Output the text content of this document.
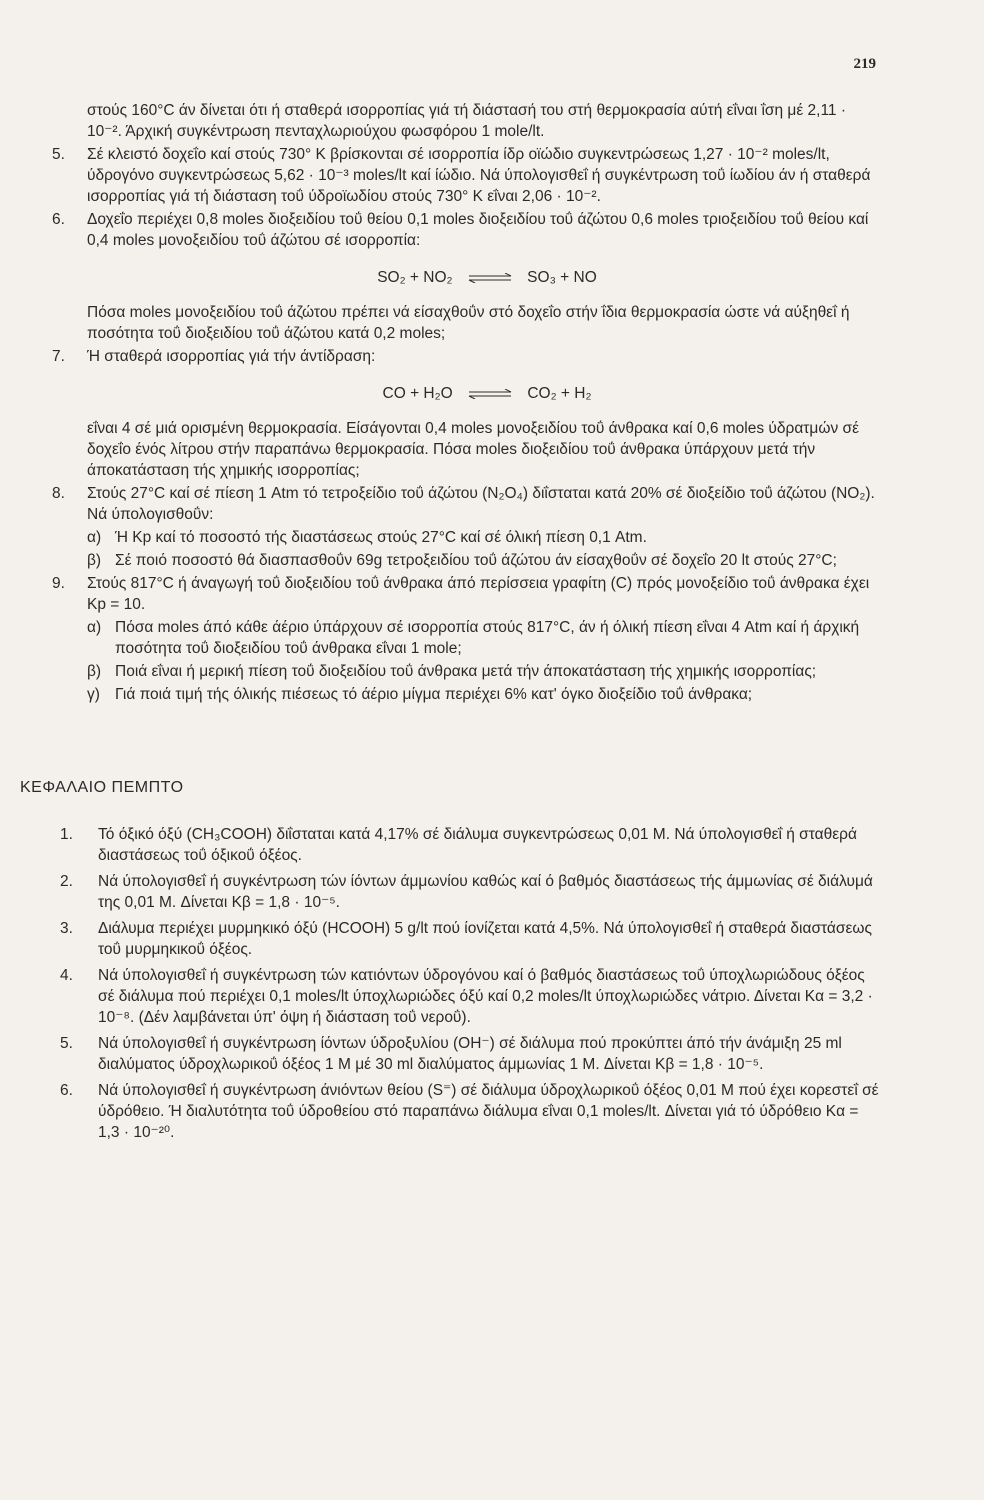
219

στούς 160°C άν δίνεται ότι ή σταθερά ισορροπίας γιά τή διάστασή του στή θερμοκρασία αύτή εΐναι ΐση μέ 2,11 · 10⁻². Άρχική συγκέντρωση πενταχλωριούχου φωσφόρου 1 mole/lt.

5.	Σέ κλειστό δοχεΐο καί στούς 730° K βρίσκονται σέ ισορροπία ίδρ οϊώδιο συγκεντρώσεως 1,27 · 10⁻² moles/lt, ύδρογόνο συγκεντρώσεως 5,62 · 10⁻³ moles/lt καί ίώδιο. Νά ύπολογισθεΐ ή συγκέντρωση τοΰ ίωδίου άν ή σταθερά ισορροπίας γιά τή διάσταση τοΰ ύδροϊωδίου στούς 730° K εΐναι 2,06 · 10⁻².
6.	Δοχεΐο περιέχει 0,8 moles διοξειδίου τοΰ θείου 0,1 moles διοξειδίου τοΰ άζώτου 0,6 moles τριοξειδίου τοΰ θείου καί 0,4 moles μονοξειδίου τοΰ άζώτου σέ ισορροπία:
SO₂ + NO₂ ⇌ SO₃ + NO

Πόσα moles μονοξειδίου τοΰ άζώτου πρέπει νά είσαχθοΰν στό δοχεΐο στήν ΐδια θερμοκρασία ώστε νά αύξηθεΐ ή ποσότητα τοΰ διοξειδίου τοΰ άζώτου κατά 0,2 moles;

7.	Ή σταθερά ισορροπίας γιά τήν άντίδραση:
CO + H₂O ⇌ CO₂ + H₂

εΐναι 4 σέ μιά ορισμένη θερμοκρασία. Είσάγονται 0,4 moles μονοξειδίου τοΰ άνθρακα καί 0,6 moles ύδρατμών σέ δοχεΐο ένός λίτρου στήν παραπάνω θερμοκρασία. Πόσα moles διοξειδίου τοΰ άνθρακα ύπάρχουν μετά τήν άποκατάσταση τής χημικής ισορροπίας;

8.	Στούς 27°C καί σέ πίεση 1 Atm τό τετροξείδιο τοΰ άζώτου (N₂O₄) διΐσταται κατά 20% σέ διοξείδιο τοΰ άζώτου (NO₂). Νά ύπολογισθοΰν:
α) Ή Kp καί τό ποσοστό τής διαστάσεως στούς 27°C καί σέ όλική πίεση 0,1 Atm.
β) Σέ ποιό ποσοστό θά διασπασθοΰν 69g τετροξειδίου τοΰ άζώτου άν είσαχθοΰν σέ δοχεΐο 20 lt στούς 27°C;
9.	Στούς 817°C ή άναγωγή τοΰ διοξειδίου τοΰ άνθρακα άπό περίσσεια γραφίτη (C) πρός μονοξείδιο τοΰ άνθρακα έχει Kp = 10.
α) Πόσα moles άπό κάθε άέριο ύπάρχουν σέ ισορροπία στούς 817°C, άν ή όλική πίεση εΐναι 4 Atm καί ή άρχική ποσότητα τοΰ διοξειδίου τοΰ άνθρακα εΐναι 1 mole;
β) Ποιά εΐναι ή μερική πίεση τοΰ διοξειδίου τοΰ άνθρακα μετά τήν άποκατάσταση τής χημικής ισορροπίας;
γ) Γιά ποιά τιμή τής όλικής πιέσεως τό άέριο μίγμα περιέχει 6% κατ' όγκο διοξείδιο τοΰ άνθρακα;
ΚΕΦΑΛΑΙΟ ΠΕΜΠΤΟ
1.	Τό όξικό όξύ (CH₃COOH) διΐσταται κατά 4,17% σέ διάλυμα συγκεντρώσεως 0,01 M. Νά ύπολογισθεΐ ή σταθερά διαστάσεως τοΰ όξικοΰ όξέος.
2.	Νά ύπολογισθεΐ ή συγκέντρωση τών ίόντων άμμωνίου καθώς καί ό βαθμός διαστάσεως τής άμμωνίας σέ διάλυμά της 0,01 M. Δίνεται Kβ = 1,8 · 10⁻⁵.
3.	Διάλυμα περιέχει μυρμηκικό όξύ (HCOOH) 5 g/lt πού ίονίζεται κατά 4,5%. Νά ύπολογισθεΐ ή σταθερά διαστάσεως τοΰ μυρμηκικοΰ όξέος.
4.	Νά ύπολογισθεΐ ή συγκέντρωση τών κατιόντων ύδρογόνου καί ό βαθμός διαστάσεως τοΰ ύποχλωριώδους όξέος σέ διάλυμα πού περιέχει 0,1 moles/lt ύποχλωριώδες όξύ καί 0,2 moles/lt ύποχλωριώδες νάτριο. Δίνεται Kα = 3,2 · 10⁻⁸. (Δέν λαμβάνεται ύπ' όψη ή διάσταση τοΰ νεροΰ).
5.	Νά ύπολογισθεΐ ή συγκέντρωση ίόντων ύδροξυλίου (OH⁻) σέ διάλυμα πού προκύπτει άπό τήν άνάμιξη 25 ml διαλύματος ύδροχλωρικοΰ όξέος 1 M μέ 30 ml διαλύματος άμμωνίας 1 M. Δίνεται Kβ = 1,8 · 10⁻⁵.
6.	Νά ύπολογισθεΐ ή συγκέντρωση άνιόντων θείου (S⁼) σέ διάλυμα ύδροχλωρικοΰ όξέος 0,01 M πού έχει κορεστεΐ σέ ύδρόθειο. Ή διαλυτότητα τοΰ ύδροθείου στό παραπάνω διάλυμα εΐναι 0,1 moles/lt. Δίνεται γιά τό ύδρόθειο Kα = 1,3 · 10⁻²⁰.
